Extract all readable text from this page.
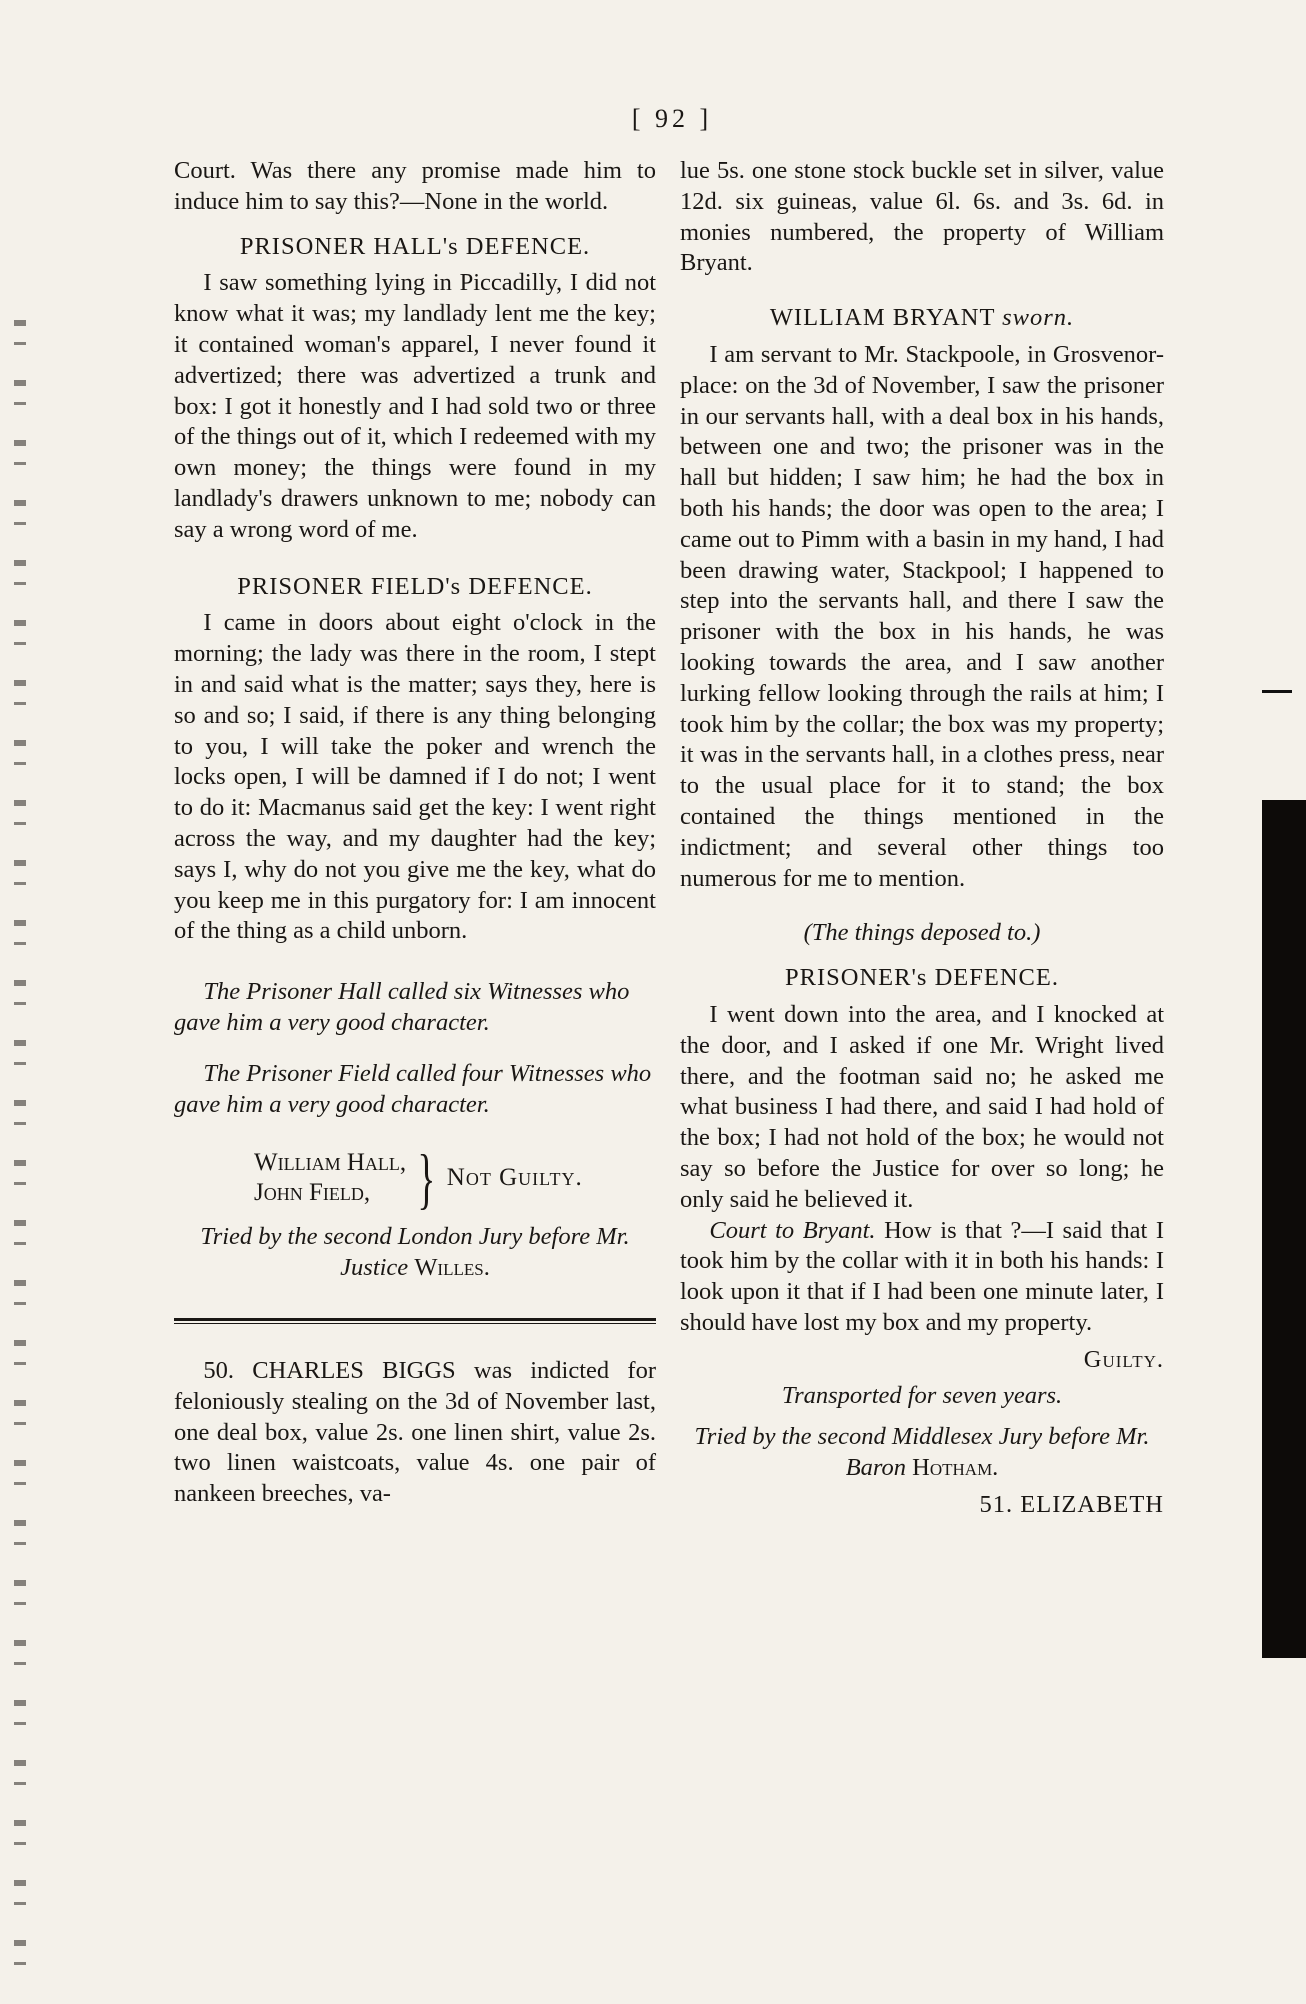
[ 92 ]

Court. Was there any promise made him to induce him to say this?—None in the world.

PRISONER HALL's DEFENCE.

I saw something lying in Piccadilly, I did not know what it was; my landlady lent me the key; it contained woman's apparel, I never found it advertized; there was advertized a trunk and box: I got it honestly and I had sold two or three of the things out of it, which I redeemed with my own money; the things were found in my landlady's drawers unknown to me; nobody can say a wrong word of me.

PRISONER FIELD's DEFENCE.

I came in doors about eight o'clock in the morning; the lady was there in the room, I stept in and said what is the matter; says they, here is so and so; I said, if there is any thing belonging to you, I will take the poker and wrench the locks open, I will be damned if I do not; I went to do it: Macmanus said get the key: I went right across the way, and my daughter had the key; says I, why do not you give me the key, what do you keep me in this purgatory for: I am innocent of the thing as a child unborn.

The Prisoner Hall called six Witnesses who gave him a very good character.

The Prisoner Field called four Witnesses who gave him a very good character.

William Hall,
John Field, } Not Guilty.

Tried by the second London Jury before Mr.

Justice Willes.

50. CHARLES BIGGS was indicted for feloniously stealing on the 3d of November last, one deal box, value 2s. one linen shirt, value 2s. two linen waistcoats, value 4s. one pair of nankeen breeches, va-

lue 5s. one stone stock buckle set in silver, value 12d. six guineas, value 6l. 6s. and 3s. 6d. in monies numbered, the property of William Bryant.

WILLIAM BRYANT sworn.

I am servant to Mr. Stackpoole, in Grosvenor-place: on the 3d of November, I saw the prisoner in our servants hall, with a deal box in his hands, between one and two; the prisoner was in the hall but hidden; I saw him; he had the box in both his hands; the door was open to the area; I came out to Pimm with a basin in my hand, I had been drawing water, Stackpool; I happened to step into the servants hall, and there I saw the prisoner with the box in his hands, he was looking towards the area, and I saw another lurking fellow looking through the rails at him; I took him by the collar; the box was my property; it was in the servants hall, in a clothes press, near to the usual place for it to stand; the box contained the things mentioned in the indictment; and several other things too numerous for me to mention.

(The things deposed to.)

PRISONER's DEFENCE.

I went down into the area, and I knocked at the door, and I asked if one Mr. Wright lived there, and the footman said no; he asked me what business I had there, and said I had hold of the box; I had not hold of the box; he would not say so before the Justice for over so long; he only said he believed it.

Court to Bryant. How is that ?—I said that I took him by the collar with it in both his hands: I look upon it that if I had been one minute later, I should have lost my box and my property.

Guilty.

Transported for seven years.

Tried by the second Middlesex Jury before Mr.

Baron Hotham.

51. ELIZABETH
